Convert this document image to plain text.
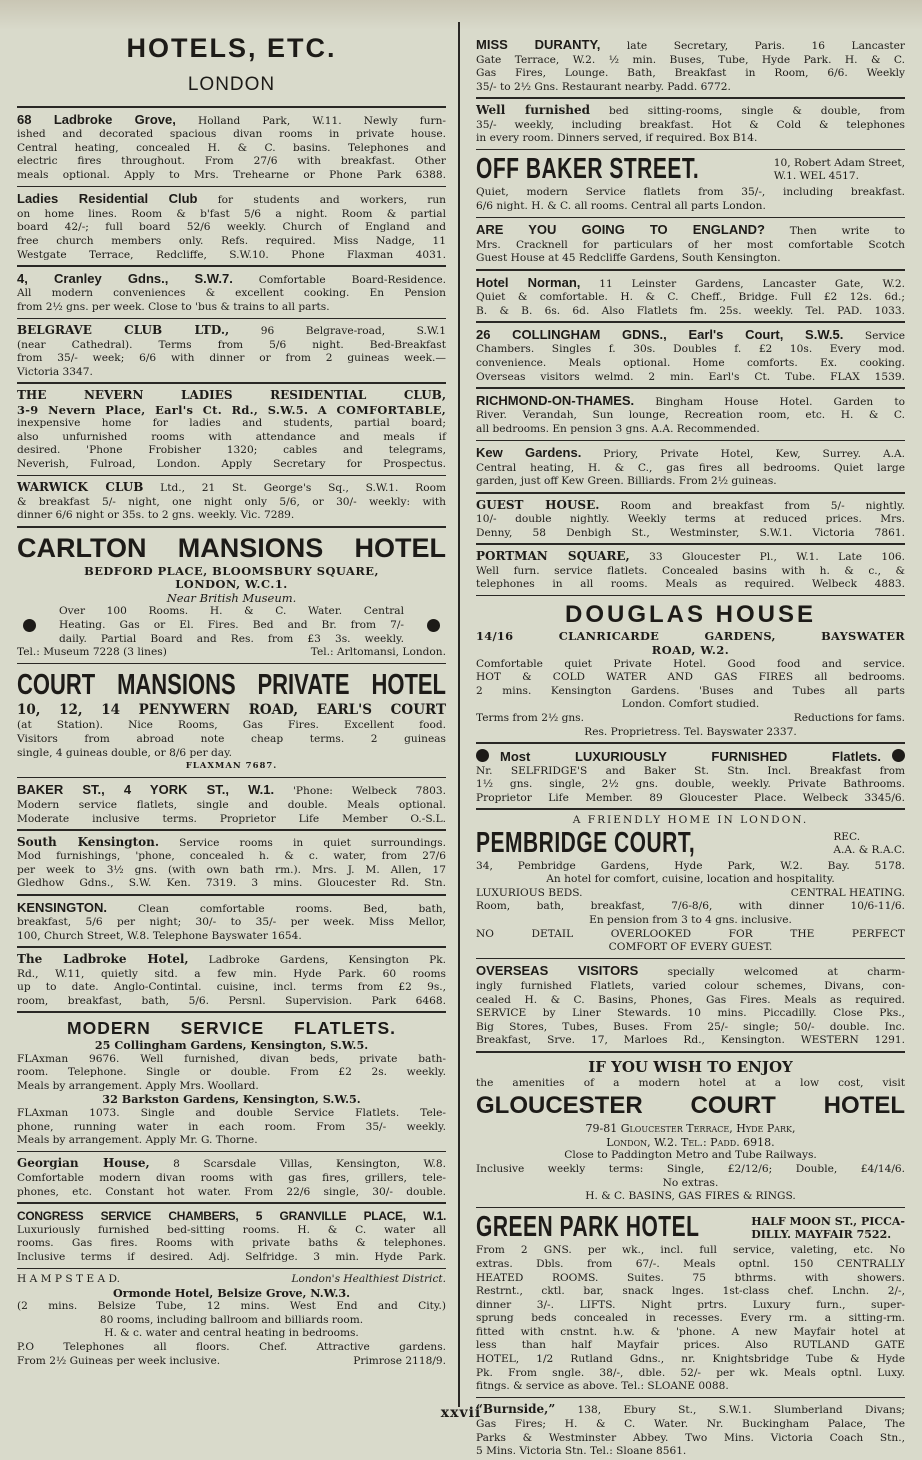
HOTELS, ETC.
LONDON
68 Ladbroke Grove, Holland Park, W.11. Newly furn-
ished and decorated spacious divan rooms in private house.
Central heating, concealed H. & C. basins. Telephones and
electric fires throughout. From 27/6 with breakfast. Other
meals optional. Apply to Mrs. Trehearne or Phone Park 6388.
Ladies Residential Club for students and workers, run
on home lines. Room & b'fast 5/6 a night. Room & partial
board 42/-; full board 52/6 weekly. Church of England and
free church members only. Refs. required. Miss Nadge, 11
Westgate Terrace, Redcliffe, S.W.10. Phone Flaxman 4031.
4, Cranley Gdns., S.W.7. Comfortable Board-Residence.
All modern conveniences & excellent cooking. En Pension
from 2½ gns. per week. Close to 'bus & trains to all parts.
BELGRAVE CLUB LTD., 96 Belgrave-road, S.W.1
(near Cathedral). Terms from 5/6 night. Bed-Breakfast
from 35/- week; 6/6 with dinner or from 2 guineas week.—
Victoria 3347.
THE NEVERN LADIES RESIDENTIAL CLUB,
3-9 Nevern Place, Earl's Ct. Rd., S.W.5. A COMFORTABLE,
inexpensive home for ladies and students, partial board;
also unfurnished rooms with attendance and meals if
desired. 'Phone Frobisher 1320; cables and telegrams,
Neverish, Fulroad, London. Apply Secretary for Prospectus.
WARWICK CLUB Ltd., 21 St. George's Sq., S.W.1. Room
& breakfast 5/- night, one night only 5/6, or 30/- weekly: with
dinner 6/6 night or 35s. to 2 gns. weekly. Vic. 7289.
CARLTON MANSIONS HOTEL
BEDFORD PLACE, BLOOMSBURY SQUARE,
LONDON, W.C.1.
Near British Museum.
Over 100 Rooms. H. & C. Water. Central
Heating. Gas or El. Fires. Bed and Br. from 7/-
daily. Partial Board and Res. from £3 3s. weekly.
Tel.: Museum 7228 (3 lines)	Tel.: Arltomansi, London.
COURT MANSIONS PRIVATE HOTEL
10, 12, 14 PENYWERN ROAD, EARL'S COURT
(at Station). Nice Rooms, Gas Fires. Excellent food.
Visitors from abroad note cheap terms. 2 guineas
single, 4 guineas double, or 8/6 per day.
FLAXMAN 7687.
BAKER ST., 4 YORK ST., W.1. 'Phone: Welbeck 7803.
Modern service flatlets, single and double. Meals optional.
Moderate inclusive terms. Proprietor Life Member O.-S.L.
South Kensington. Service rooms in quiet surroundings.
Mod furnishings, 'phone, concealed h. & c. water, from 27/6
per week to 3½ gns. (with own bath rm.). Mrs. J. M. Allen, 17
Gledhow Gdns., S.W. Ken. 7319. 3 mins. Gloucester Rd. Stn.
KENSINGTON. Clean comfortable rooms. Bed, bath,
breakfast, 5/6 per night; 30/- to 35/- per week. Miss Mellor,
100, Church Street, W.8. Telephone Bayswater 1654.
The Ladbroke Hotel, Ladbroke Gardens, Kensington Pk.
Rd., W.11, quietly sitd. a few min. Hyde Park. 60 rooms
up to date. Anglo-Contintal. cuisine, incl. terms from £2 9s.,
room, breakfast, bath, 5/6. Persnl. Supervision. Park 6468.
MODERN SERVICE FLATLETS.
25 Collingham Gardens, Kensington, S.W.5.
FLAxman 9676. Well furnished, divan beds, private bath-
room. Telephone. Single or double. From £2 2s. weekly.
Meals by arrangement. Apply Mrs. Woollard.
32 Barkston Gardens, Kensington, S.W.5.
FLAxman 1073. Single and double Service Flatlets. Tele-
phone, running water in each room. From 35/- weekly.
Meals by arrangement. Apply Mr. G. Thorne.
Georgian House, 8 Scarsdale Villas, Kensington, W.8.
Comfortable modern divan rooms with gas fires, grillers, tele-
phones, etc. Constant hot water. From 22/6 single, 30/- double.
CONGRESS SERVICE CHAMBERS, 5 GRANVILLE PLACE, W.1.
Luxuriously furnished bed-sitting rooms. H. & C. water all
rooms. Gas fires. Rooms with private baths & telephones.
Inclusive terms if desired. Adj. Selfridge. 3 min. Hyde Park.
H A M P S T E A D.	London's Healthiest District.
Ormonde Hotel, Belsize Grove, N.W.3.
(2 mins. Belsize Tube, 12 mins. West End and City.)
80 rooms, including ballroom and billiards room.
H. & c. water and central heating in bedrooms.
P.O Telephones all floors. Chef. Attractive gardens.
From 2½ Guineas per week inclusive.	Primrose 2118/9.
MISS DURANTY, late Secretary, Paris. 16 Lancaster
Gate Terrace, W.2. ½ min. Buses, Tube, Hyde Park. H. & C.
Gas Fires, Lounge. Bath, Breakfast in Room, 6/6. Weekly
35/- to 2½ Gns. Restaurant nearby. Padd. 6772.
Well furnished bed sitting-rooms, single & double, from
35/- weekly, including breakfast. Hot & Cold & telephones
in every room. Dinners served, if required. Box B14.
OFF BAKER STREET.	10, Robert Adam Street,
W.1. WEL 4517.
Quiet, modern Service flatlets from 35/-, including breakfast.
6/6 night. H. & C. all rooms. Central all parts London.
ARE YOU GOING TO ENGLAND? Then write to
Mrs. Cracknell for particulars of her most comfortable Scotch
Guest House at 45 Redcliffe Gardens, South Kensington.
Hotel Norman, 11 Leinster Gardens, Lancaster Gate, W.2.
Quiet & comfortable. H. & C. Cheff., Bridge. Full £2 12s. 6d.;
B. & B. 6s. 6d. Also Flatlets fm. 25s. weekly. Tel. PAD. 1033.
26 COLLINGHAM GDNS., Earl's Court, S.W.5. Service
Chambers. Singles f. 30s. Doubles f. £2 10s. Every mod.
convenience. Meals optional. Home comforts. Ex. cooking.
Overseas visitors welmd. 2 min. Earl's Ct. Tube. FLAX 1539.
RICHMOND-ON-THAMES. Bingham House Hotel. Garden to
River. Verandah, Sun lounge, Recreation room, etc. H. & C.
all bedrooms. En pension 3 gns. A.A. Recommended.
Kew Gardens. Priory, Private Hotel, Kew, Surrey. A.A.
Central heating, H. & C., gas fires all bedrooms. Quiet large
garden, just off Kew Green. Billiards. From 2½ guineas.
GUEST HOUSE. Room and breakfast from 5/- nightly.
10/- double nightly. Weekly terms at reduced prices. Mrs.
Denny, 58 Denbigh St., Westminster, S.W.1. Victoria 7861.
PORTMAN SQUARE, 33 Gloucester Pl., W.1. Late 106.
Well furn. service flatlets. Concealed basins with h. & c., &
telephones in all rooms. Meals as required. Welbeck 4883.
DOUGLAS HOUSE
14/16 CLANRICARDE GARDENS, BAYSWATER
ROAD, W.2.
Comfortable quiet Private Hotel. Good food and service.
HOT & COLD WATER AND GAS FIRES all bedrooms.
2 mins. Kensington Gardens. 'Buses and Tubes all parts
London. Comfort studied.
Terms from 2½ gns.	Reductions for fams.
Res. Proprietress. Tel. Bayswater 2337.
Most LUXURIOUSLY FURNISHED Flatlets.
Nr. SELFRIDGE'S and Baker St. Stn. Incl. Breakfast from
1½ gns. single, 2½ gns. double, weekly. Private Bathrooms.
Proprietor Life Member. 89 Gloucester Place. Welbeck 3345/6.
A FRIENDLY HOME IN LONDON.
PEMBRIDGE COURT,	REC.
A.A. & R.A.C.
34, Pembridge Gardens, Hyde Park, W.2. Bay. 5178.
An hotel for comfort, cuisine, location and hospitality.
LUXURIOUS BEDS.	CENTRAL HEATING.
Room, bath, breakfast, 7/6-8/6, with dinner 10/6-11/6.
En pension from 3 to 4 gns. inclusive.
NO DETAIL OVERLOOKED FOR THE PERFECT
COMFORT OF EVERY GUEST.
OVERSEAS VISITORS specially welcomed at charm-
ingly furnished Flatlets, varied colour schemes, Divans, con-
cealed H. & C. Basins, Phones, Gas Fires. Meals as required.
SERVICE by Liner Stewards. 10 mins. Piccadilly. Close Pks.,
Big Stores, Tubes, Buses. From 25/- single; 50/- double. Inc.
Breakfast, Srve. 17, Marloes Rd., Kensington. WESTERN 1291.
IF YOU WISH TO ENJOY
the amenities of a modern hotel at a low cost, visit
GLOUCESTER COURT HOTEL
79-81 Gloucester Terrace, Hyde Park,
London, W.2. Tel.: Padd. 6918.
Close to Paddington Metro and Tube Railways.
Inclusive weekly terms: Single, £2/12/6; Double, £4/14/6.
No extras.
H. & C. BASINS, GAS FIRES & RINGS.
GREEN PARK HOTEL	HALF MOON ST., PICCA-
DILLY. MAYFAIR 7522.
From 2 GNS. per wk., incl. full service, valeting, etc. No
extras. Dbls. from 67/-. Meals optnl. 150 CENTRALLY
HEATED ROOMS. Suites. 75 bthrms. with showers.
Restrnt., cktl. bar, snack lnges. 1st-class chef. Lnchn. 2/-,
dinner 3/-. LIFTS. Night prtrs. Luxury furn., super-
sprung beds concealed in recesses. Every rm. a sitting-rm.
fitted with cnstnt. h.w. & 'phone. A new Mayfair hotel at
less than half Mayfair prices. Also RUTLAND GATE
HOTEL, 1/2 Rutland Gdns., nr. Knightsbridge Tube & Hyde
Pk. From sngle. 38/-, dble. 52/- per wk. Meals optnl. Luxy.
fitngs. & service as above. Tel.: SLOANE 0088.
“Burnside,” 138, Ebury St., S.W.1. Slumberland Divans;
Gas Fires; H. & C. Water. Nr. Buckingham Palace, The
Parks & Westminster Abbey. Two Mins. Victoria Coach Stn.,
5 Mins. Victoria Stn. Tel.: Sloane 8561.
xxvii
